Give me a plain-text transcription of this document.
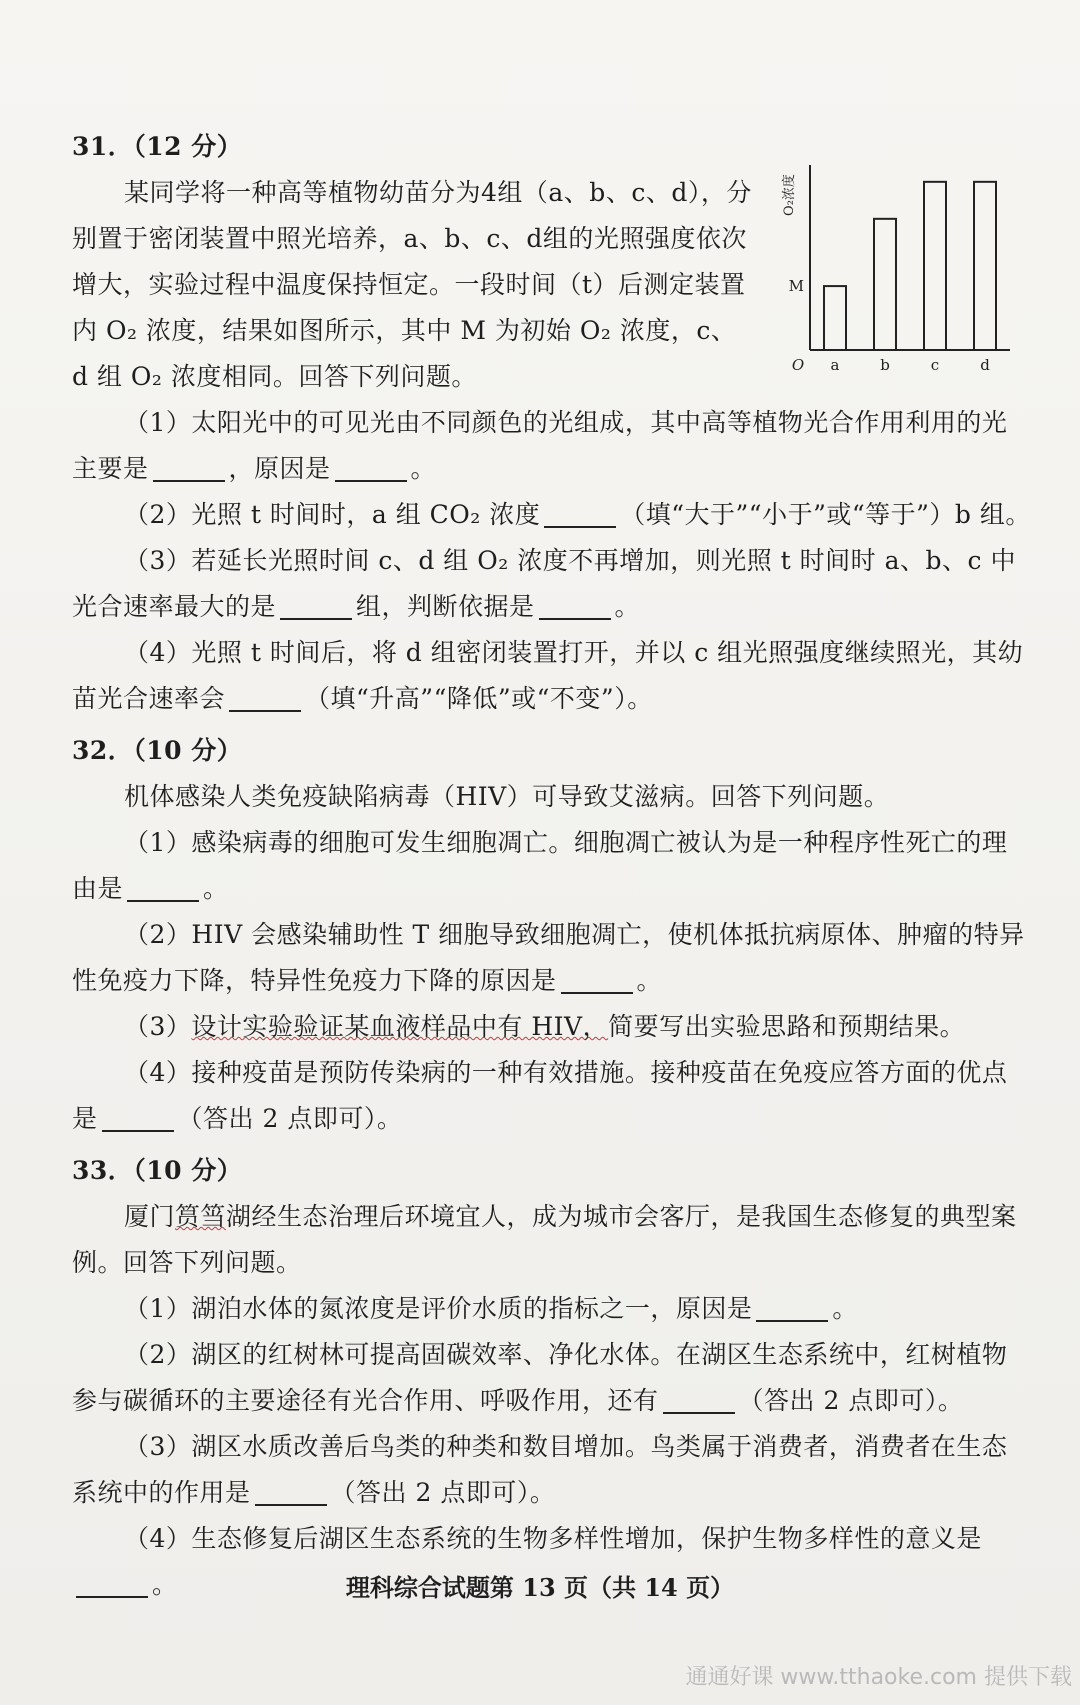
31．（12 分）

某同学将一种高等植物幼苗分为4组（a、b、c、d），分别置于密闭装置中照光培养，a、b、c、d组的光照强度依次增大，实验过程中温度保持恒定。一段时间（t）后测定装置内 O₂ 浓度，结果如图所示，其中 M 为初始 O₂ 浓度，c、d 组 O₂ 浓度相同。回答下列问题。

（1）太阳光中的可见光由不同颜色的光组成，其中高等植物光合作用利用的光主要是	，原因是	。

（2）光照 t 时间时，a 组 CO₂ 浓度	（填“大于”“小于”或“等于”）b 组。

（3）若延长光照时间 c、d 组 O₂ 浓度不再增加，则光照 t 时间时 a、b、c 中光合速率最大的是	组，判断依据是	。

（4）光照 t 时间后，将 d 组密闭装置打开，并以 c 组光照强度继续照光，其幼苗光合速率会	（填“升高”“降低”或“不变”）。

32．（10 分）

机体感染人类免疫缺陷病毒（HIV）可导致艾滋病。回答下列问题。

（1）感染病毒的细胞可发生细胞凋亡。细胞凋亡被认为是一种程序性死亡的理由是	。

（2）HIV 会感染辅助性 T 细胞导致细胞凋亡，使机体抵抗病原体、肿瘤的特异性免疫力下降，特异性免疫力下降的原因是	。

（3）设计实验验证某血液样品中有 HIV，简要写出实验思路和预期结果。

（4）接种疫苗是预防传染病的一种有效措施。接种疫苗在免疫应答方面的优点是	（答出 2 点即可）。

33．（10 分）

厦门筼筜湖经生态治理后环境宜人，成为城市会客厅，是我国生态修复的典型案例。回答下列问题。

（1）湖泊水体的氮浓度是评价水质的指标之一，原因是	。

（2）湖区的红树林可提高固碳效率、净化水体。在湖区生态系统中，红树植物参与碳循环的主要途径有光合作用、呼吸作用，还有	（答出 2 点即可）。

（3）湖区水质改善后鸟类的种类和数目增加。鸟类属于消费者，消费者在生态系统中的作用是	（答出 2 点即可）。

（4）生态修复后湖区生态系统的生物多样性增加，保护生物多样性的意义是。

O₂浓度
M
O a	b	c	d
理科综合试题第 13 页（共 14 页）
通通好课 www.tthaoke.com 提供下载
